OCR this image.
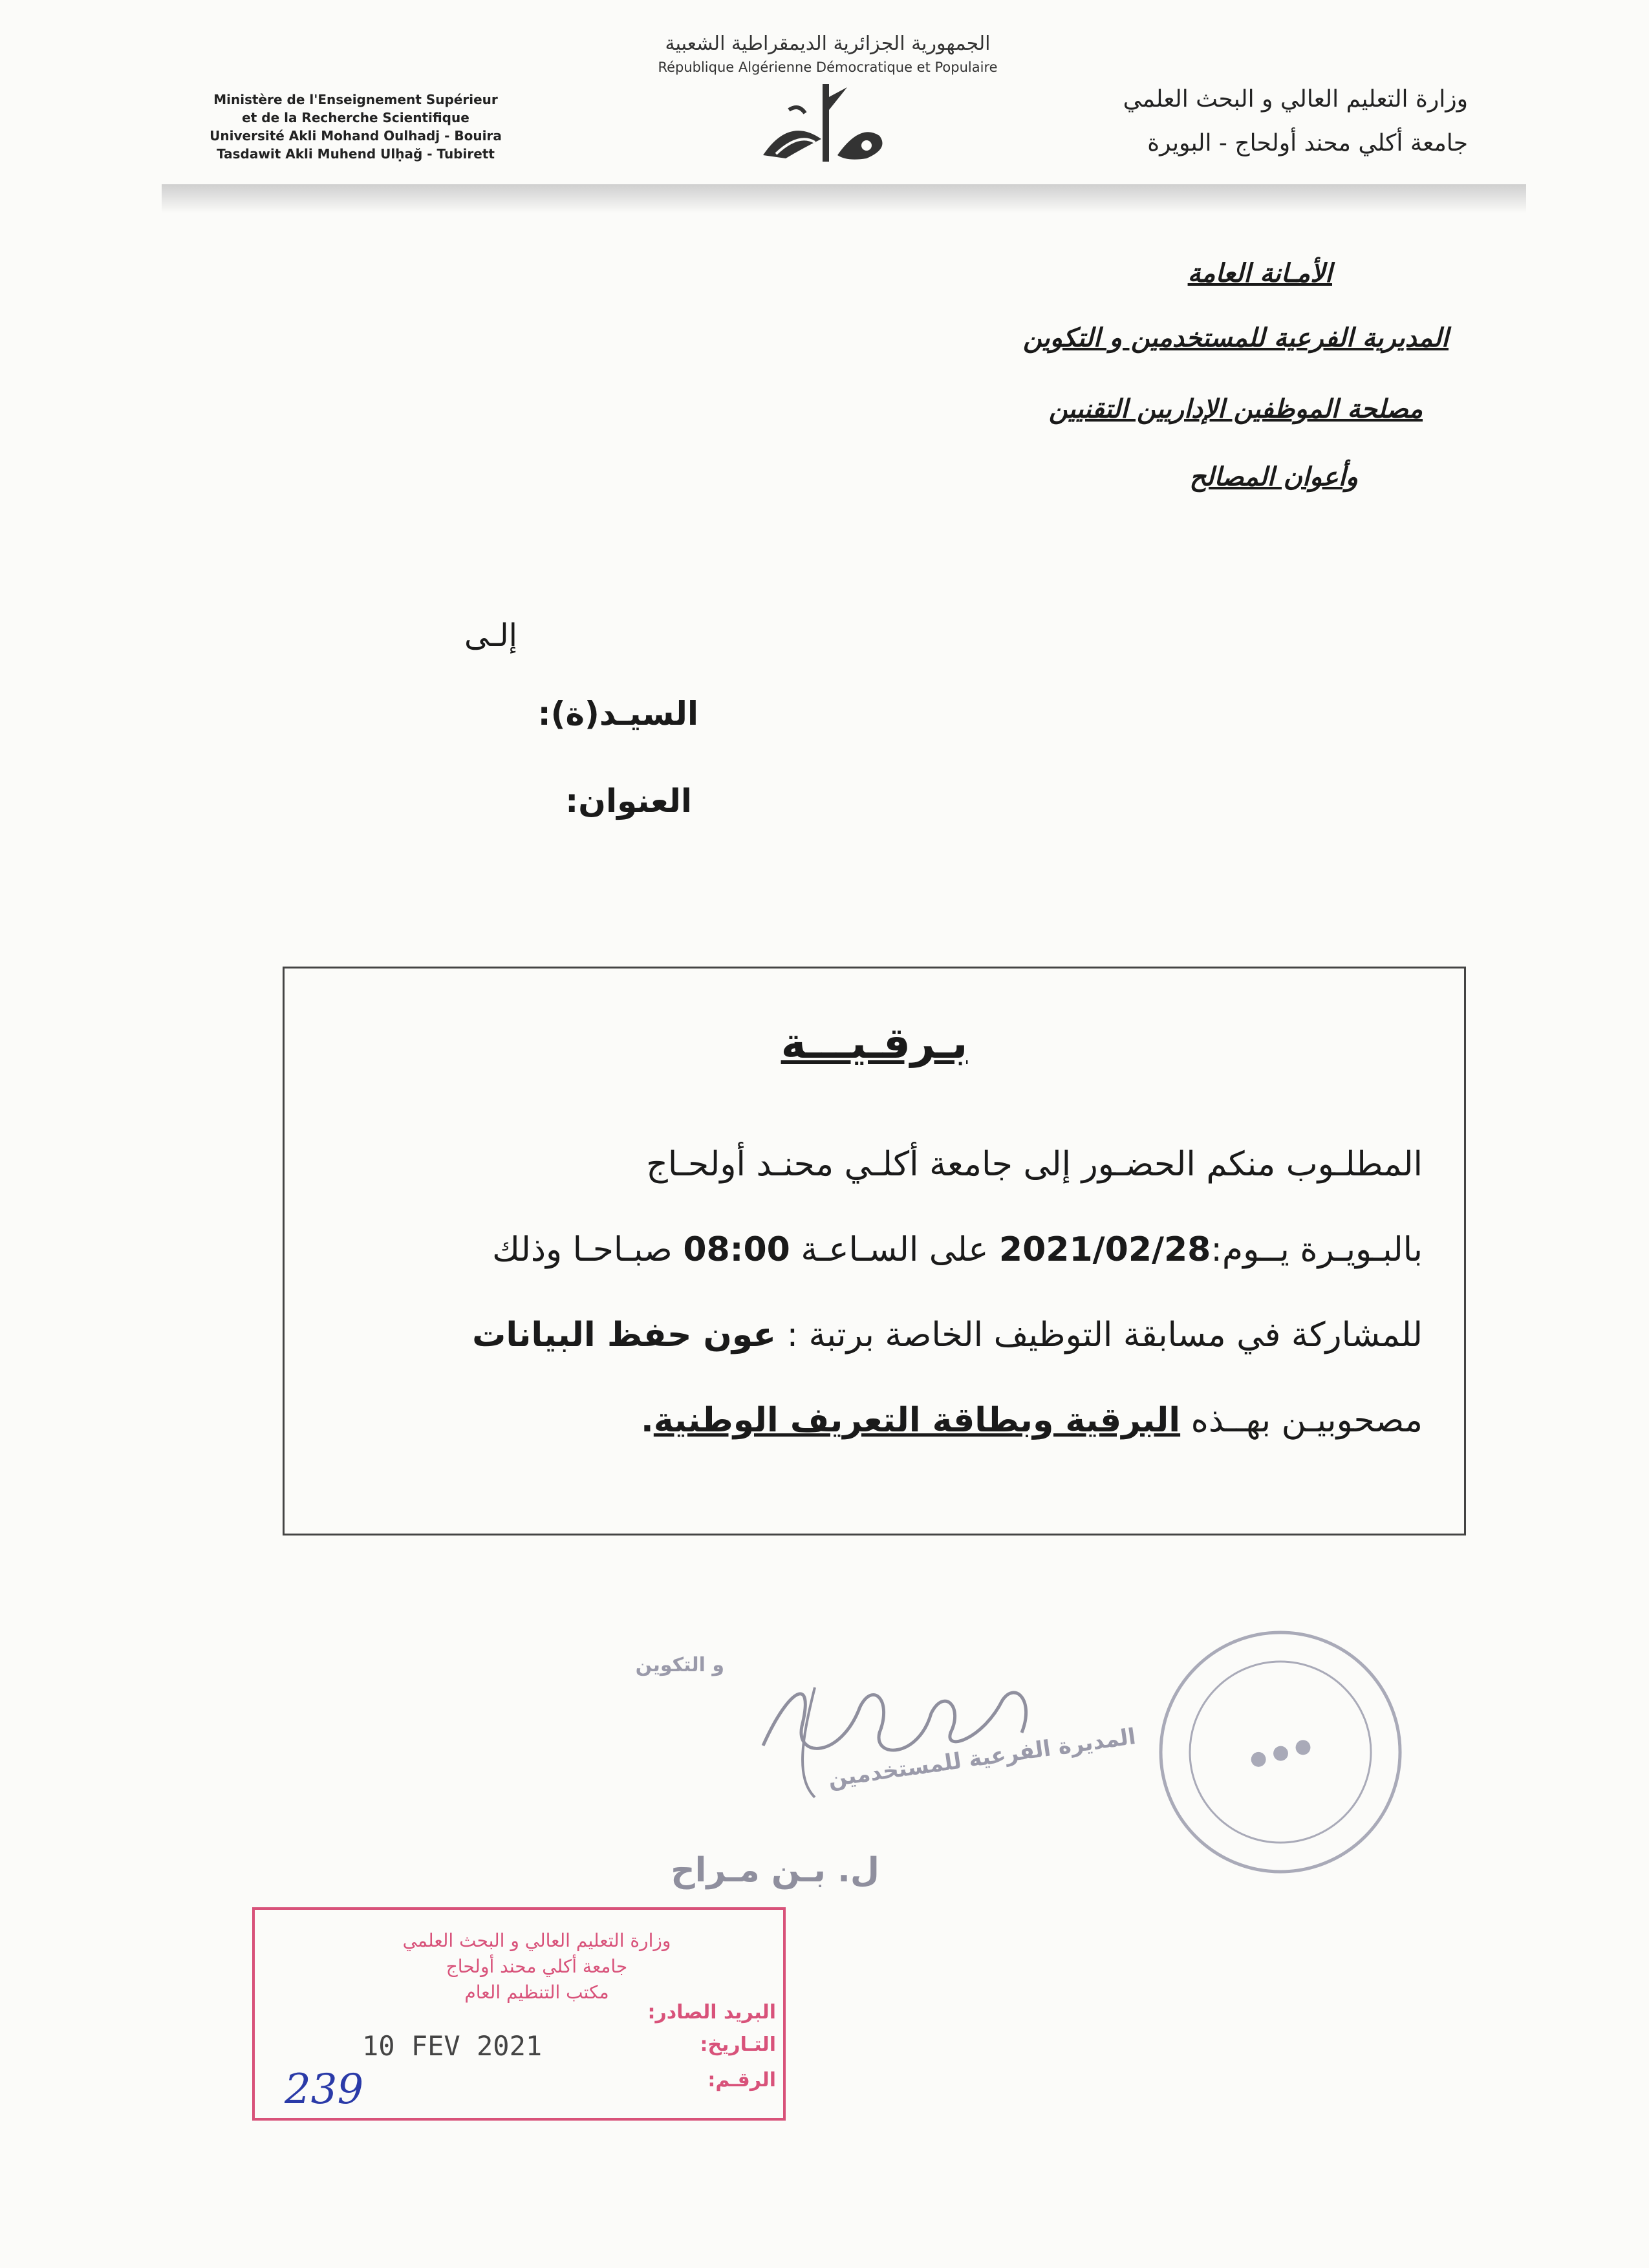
الجمهورية الجزائرية الديمقراطية الشعبية
République Algérienne Démocratique et Populaire
Ministère de l'Enseignement Supérieur
et de la Recherche Scientifique
Université Akli Mohand Oulhadj - Bouira
Tasdawit Akli Muhend Ulḥağ - Tubirett
وزارة التعليم العالي و البحث العلمي
جامعة أكلي محند أولحاج - البويرة
الأمـانة العامة
المديرية الفرعية للمستخدمين و التكوين
مصلحة الموظفين الإداريين التقنيين
وأعوان المصالح
إلـى
السيـد(ة):
العنوان:
بـرقـيـــة
المطلـوب منكم الحضـور إلى جامعة أكلـي محنـد أولحـاج
بالبـويـرة يــوم:2021/02/28 على السـاعـة 08:00 صبـاحـا وذلك
للمشاركة في مسابقة التوظيف الخاصة برتبة : عون حفظ البيانات
مصحوبيـن بهــذه البرقية وبطاقة التعريف الوطنية.
● ● ●
المديرة الفرعية للمستخدمين
و التكوين
ل. بـن مـراح
وزارة التعليم العالي و البحث العلمي
جامعة أكلي محند أولحاج
مكتب التنظيم العام
البريد الصادر:
التـاريخ:
الرقـم:
10 FEV 2021
239
